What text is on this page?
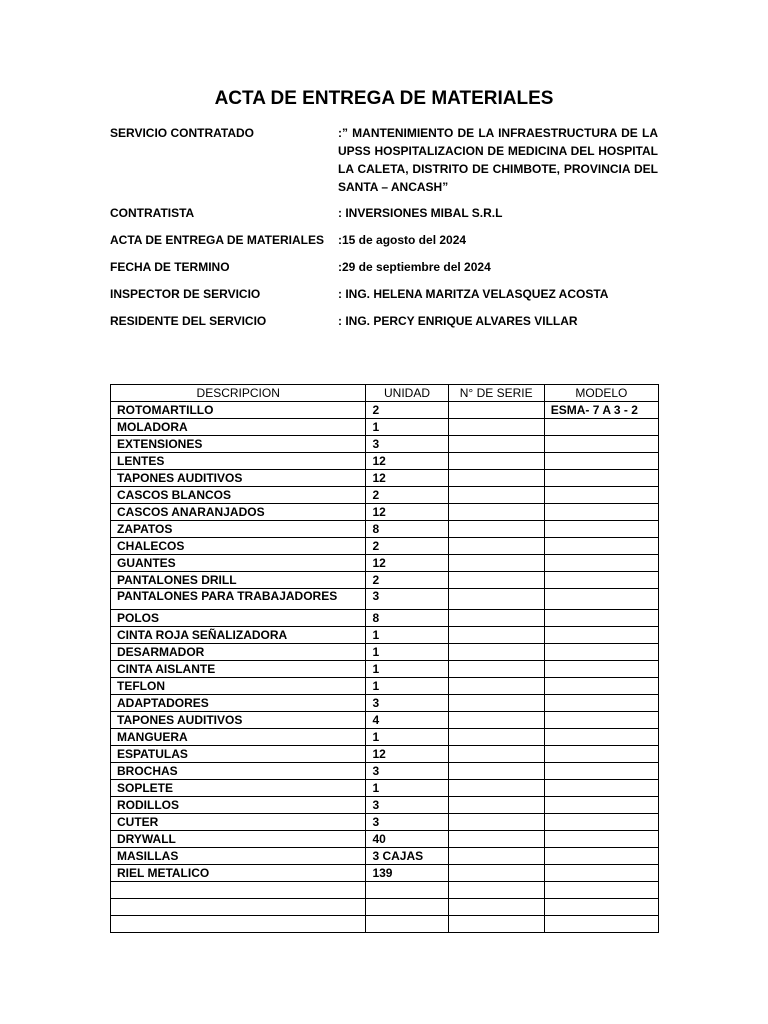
ACTA DE ENTREGA DE MATERIALES
SERVICIO CONTRATADO	:” MANTENIMIENTO DE LA INFRAESTRUCTURA DE LA UPSS HOSPITALIZACION DE MEDICINA DEL HOSPITAL LA CALETA, DISTRITO DE CHIMBOTE, PROVINCIA DEL SANTA – ANCASH”
CONTRATISTA	: INVERSIONES MIBAL S.R.L
ACTA DE ENTREGA DE MATERIALES	:15 de agosto del 2024
FECHA DE TERMINO	:29 de septiembre del 2024
INSPECTOR DE SERVICIO	: ING. HELENA MARITZA VELASQUEZ ACOSTA
RESIDENTE DEL SERVICIO	: ING. PERCY ENRIQUE ALVARES VILLAR
DESCRIPCION	UNIDAD	N° DE SERIE	MODELO
ROTOMARTILLO	2		ESMA- 7 A 3 - 2
MOLADORA	1		
EXTENSIONES	3		
LENTES	12		
TAPONES AUDITIVOS	12		
CASCOS BLANCOS	2		
CASCOS ANARANJADOS	12		
ZAPATOS	8		
CHALECOS	2		
GUANTES	12		
PANTALONES DRILL	2		
PANTALONES PARA TRABAJADORES	3		
POLOS	8		
CINTA ROJA SEÑALIZADORA	1		
DESARMADOR	1		
CINTA AISLANTE	1		
TEFLON	1		
ADAPTADORES	3		
TAPONES AUDITIVOS	4		
MANGUERA	1		
ESPATULAS	12		
BROCHAS	3		
SOPLETE	1		
RODILLOS	3		
CUTER	3		
DRYWALL	40		
MASILLAS	3 CAJAS		
RIEL METALICO	139		
